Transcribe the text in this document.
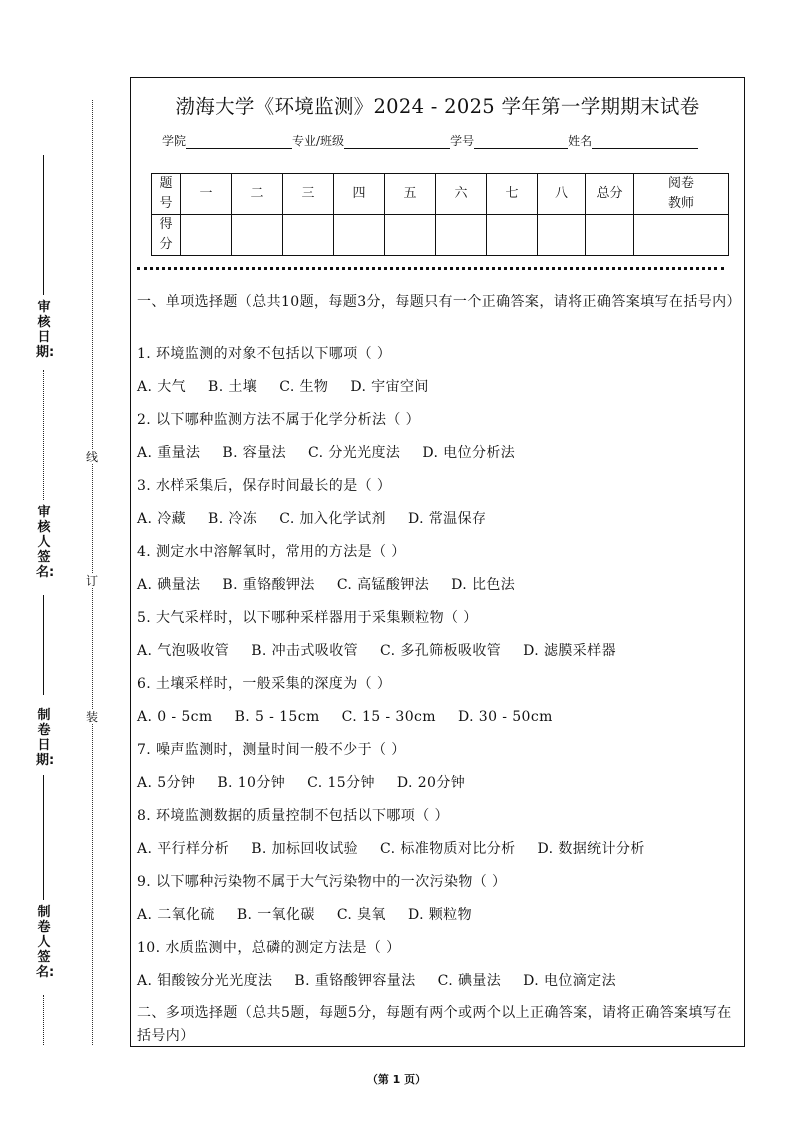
审核日期:
审核人签名:
制卷日期:
制卷人签名:
线
订
装
渤海大学《环境监测》2024 - 2025 学年第一学期期末试卷
学院	专业/班级	学号	姓名
题号	一	二	三	四	五	六	七	八	总分	阅卷教师

得分										

一、单项选择题（总共10题，每题3分，每题只有一个正确答案，请将正确答案填写在括号内）
1. 环境监测的对象不包括以下哪项（ ）
A. 大气 B. 土壤 C. 生物 D. 宇宙空间
2. 以下哪种监测方法不属于化学分析法（ ）
A. 重量法 B. 容量法 C. 分光光度法 D. 电位分析法
3. 水样采集后，保存时间最长的是（ ）
A. 冷藏 B. 冷冻 C. 加入化学试剂 D. 常温保存
4. 测定水中溶解氧时，常用的方法是（ ）
A. 碘量法 B. 重铬酸钾法 C. 高锰酸钾法 D. 比色法
5. 大气采样时，以下哪种采样器用于采集颗粒物（ ）
A. 气泡吸收管 B. 冲击式吸收管 C. 多孔筛板吸收管 D. 滤膜采样器
6. 土壤采样时，一般采集的深度为（ ）
A. 0 - 5cm B. 5 - 15cm C. 15 - 30cm D. 30 - 50cm
7. 噪声监测时，测量时间一般不少于（ ）
A. 5分钟 B. 10分钟 C. 15分钟 D. 20分钟
8. 环境监测数据的质量控制不包括以下哪项（ ）
A. 平行样分析 B. 加标回收试验 C. 标准物质对比分析 D. 数据统计分析
9. 以下哪种污染物不属于大气污染物中的一次污染物（ ）
A. 二氧化硫 B. 一氧化碳 C. 臭氧 D. 颗粒物
10. 水质监测中，总磷的测定方法是（ ）
A. 钼酸铵分光光度法 B. 重铬酸钾容量法 C. 碘量法 D. 电位滴定法
二、多项选择题（总共5题，每题5分，每题有两个或两个以上正确答案，请将正确答案填写在括号内）
（第 1 页）
